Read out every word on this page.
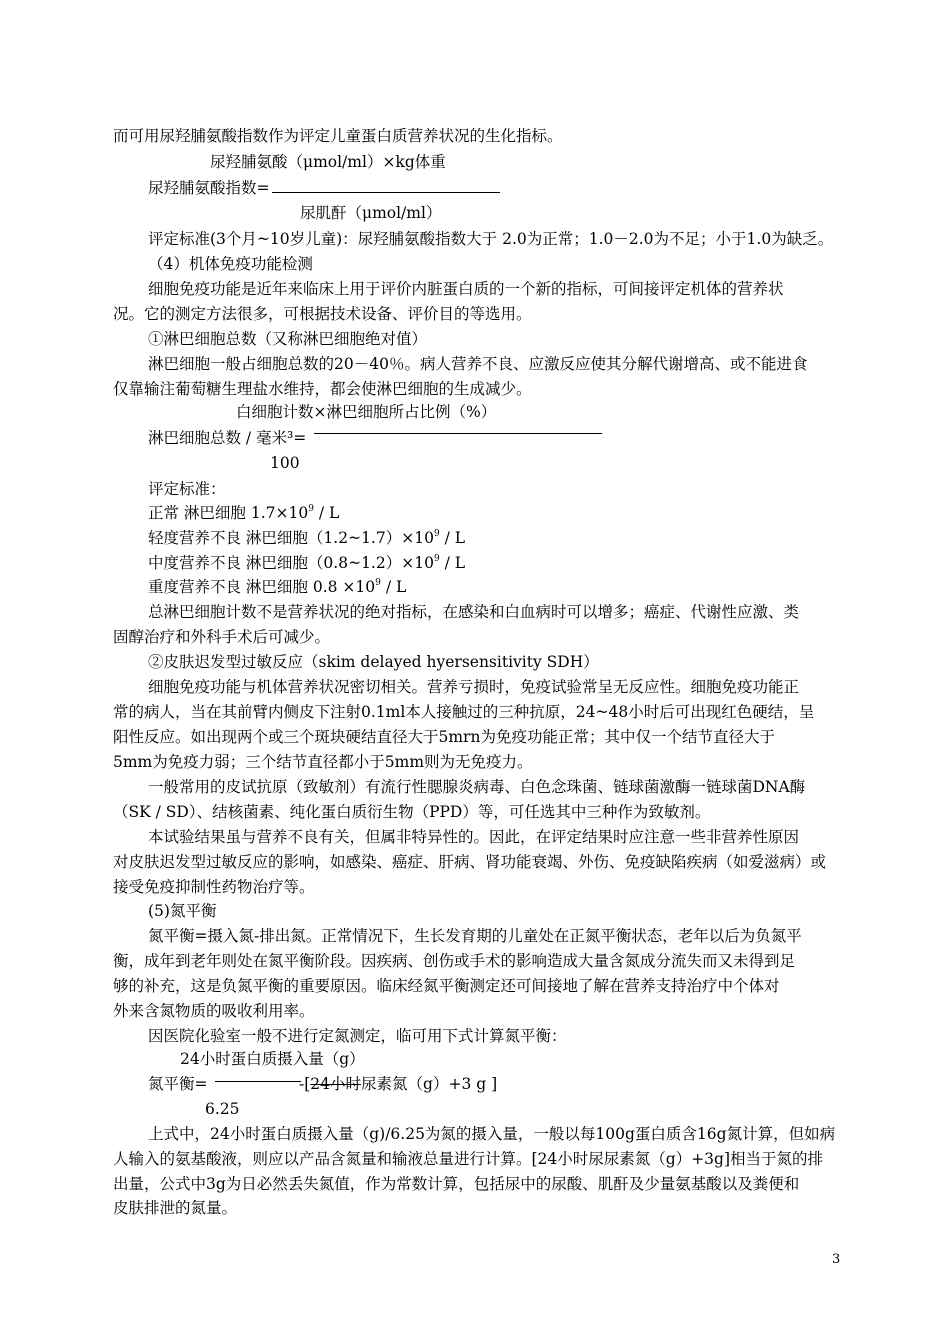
而可用尿羟脯氨酸指数作为评定儿童蛋白质营养状况的生化指标。

尿羟脯氨酸（μmol/ml）×kg体重

尿羟脯氨酸指数=

尿肌酐（μmol/ml）

评定标准(3个月~10岁儿童)：尿羟脯氨酸指数大于 2.0为正常；1.0－2.0为不足；小于1.0为缺乏。

（4）机体免疫功能检测

细胞免疫功能是近年来临床上用于评价内脏蛋白质的一个新的指标，可间接评定机体的营养状

况。它的测定方法很多，可根据技术设备、评价目的等选用。

①淋巴细胞总数（又称淋巴细胞绝对值）

淋巴细胞一般占细胞总数的20－40％。病人营养不良、应激反应使其分解代谢增高、或不能进食

仅靠输注葡萄糖生理盐水维持，都会使淋巴细胞的生成减少。

白细胞计数×淋巴细胞所占比例（%）

淋巴细胞总数 / 毫米³=

100

评定标准：

正常 淋巴细胞 $1.7\times 10^9 / L$

轻度营养不良 淋巴细胞$(1.2\sim 1.7)\times 10^9 / L$

中度营养不良 淋巴细胞$(0.8\sim 1.2)\times 10^9 / L$

重度营养不良 淋巴细胞 $0.8 \times 10^9 / L$

总淋巴细胞计数不是营养状况的绝对指标，在感染和白血病时可以增多；癌症、代谢性应激、类

固醇治疗和外科手术后可减少。

②皮肤迟发型过敏反应（skim delayed hyersensitivity SDH）

细胞免疫功能与机体营养状况密切相关。营养亏损时，免疫试验常呈无反应性。细胞免疫功能正

常的病人，当在其前臂内侧皮下注射0.1ml本人接触过的三种抗原，24~48小时后可出现红色硬结，呈

阳性反应。如出现两个或三个斑块硬结直径大于5mrn为免疫功能正常；其中仅一个结节直径大于

5mm为免疫力弱；三个结节直径都小于5mm则为无免疫力。

一般常用的皮试抗原（致敏剂）有流行性腮腺炎病毒、白色念珠菌、链球菌激酶一链球菌DNA酶

（SK / SD）、结核菌素、纯化蛋白质衍生物（PPD）等，可任选其中三种作为致敏剂。

本试验结果虽与营养不良有关，但属非特异性的。因此，在评定结果时应注意一些非营养性原因

对皮肤迟发型过敏反应的影响，如感染、癌症、肝病、肾功能衰竭、外伤、免疫缺陷疾病（如爱滋病）或

接受免疫抑制性药物治疗等。

(5)氮平衡

氮平衡=摄入氮-排出氮。正常情况下，生长发育期的儿童处在正氮平衡状态，老年以后为负氮平

衡，成年到老年则处在氮平衡阶段。因疾病、创伤或手术的影响造成大量含氮成分流失而又未得到足

够的补充，这是负氮平衡的重要原因。临床经氮平衡测定还可间接地了解在营养支持治疗中个体对

外来含氮物质的吸收利用率。

因医院化验室一般不进行定氮测定，临可用下式计算氮平衡：

24小时蛋白质摄入量（g）

氮平衡=	-[24小时尿素氮（g）+3 g ]

6.25

上式中，24小时蛋白质摄入量（g)/6.25为氮的摄入量，一般以每100g蛋白质含16g氮计算，但如病

人输入的氨基酸液，则应以产品含氮量和输液总量进行计算。[24小时尿尿素氮（g）+3g]相当于氮的排

出量，公式中3g为日必然丢失氮值，作为常数计算，包括尿中的尿酸、肌酐及少量氨基酸以及粪便和

皮肤排泄的氮量。

3
